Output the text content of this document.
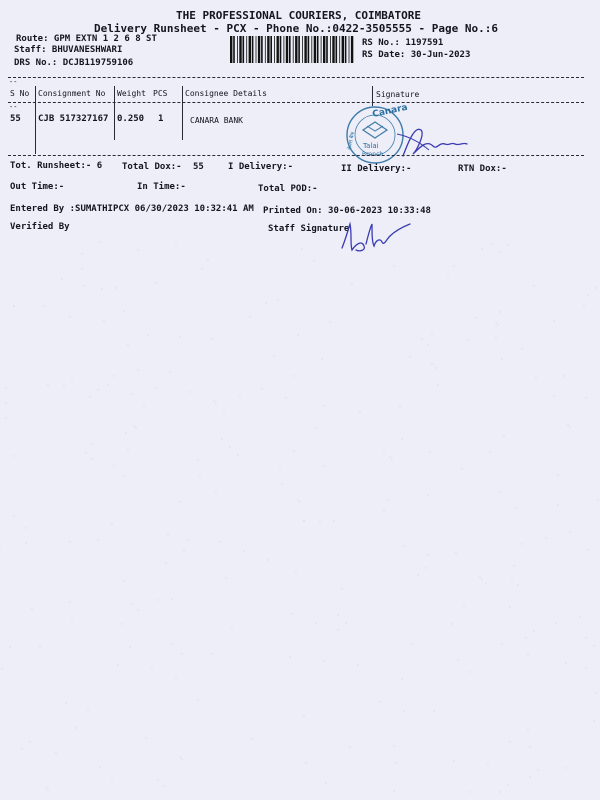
THE PROFESSIONAL COURIERS, COIMBATORE
Delivery Runsheet - PCX - Phone No.:0422-3505555 - Page No.:6
Route: GPM EXTN 1 2 6 8 ST
Staff: BHUVANESHWARI
DRS No.: DCJB119759106
RS No.: 1197591
RS Date: 30-Jun-2023
--
S No Consignment No Weight PCS Consignee Details	Signature
--
55 CJB 517327167 0.250 1	CANARA BANK
Canara
Talai
Branch
केनरा बैंक
Tot. Runsheet:- 6 Total Dox:- 55	I Delivery:-	II Delivery:-	RTN Dox:-
Out Time:-	In Time:-	Total POD:-
Entered By :SUMATHIPCX 06/30/2023 10:32:41 AM Printed On: 30-06-2023 10:33:48
Verified By	Staff Signature
